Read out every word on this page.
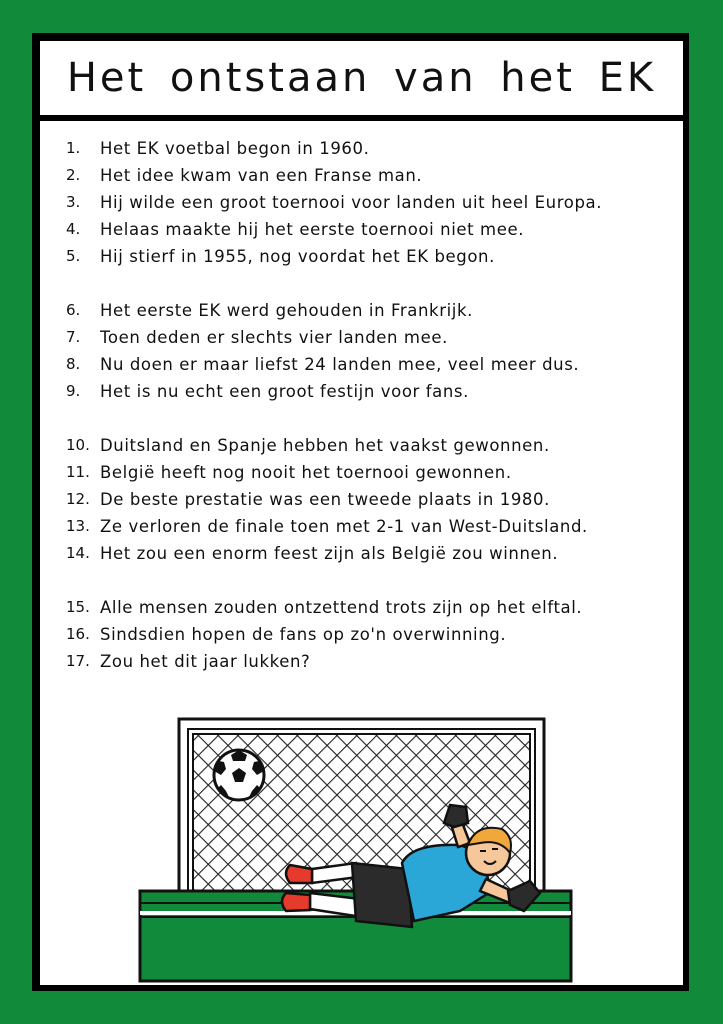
Het ontstaan van het EK
1.	Het EK voetbal begon in 1960.
2.	Het idee kwam van een Franse man.
3.	Hij wilde een groot toernooi voor landen uit heel Europa.
4.	Helaas maakte hij het eerste toernooi niet mee.
5.	Hij stierf in 1955, nog voordat het EK begon.
6.	Het eerste EK werd gehouden in Frankrijk.
7.	Toen deden er slechts vier landen mee.
8.	Nu doen er maar liefst 24 landen mee, veel meer dus.
9.	Het is nu echt een groot festijn voor fans.
10. Duitsland en Spanje hebben het vaakst gewonnen.
11. België heeft nog nooit het toernooi gewonnen.
12. De beste prestatie was een tweede plaats in 1980.
13. Ze verloren de finale toen met 2-1 van West-Duitsland.
14. Het zou een enorm feest zijn als België zou winnen.
15. Alle mensen zouden ontzettend trots zijn op het elftal.
16. Sindsdien hopen de fans op zo'n overwinning.
17. Zou het dit jaar lukken?
